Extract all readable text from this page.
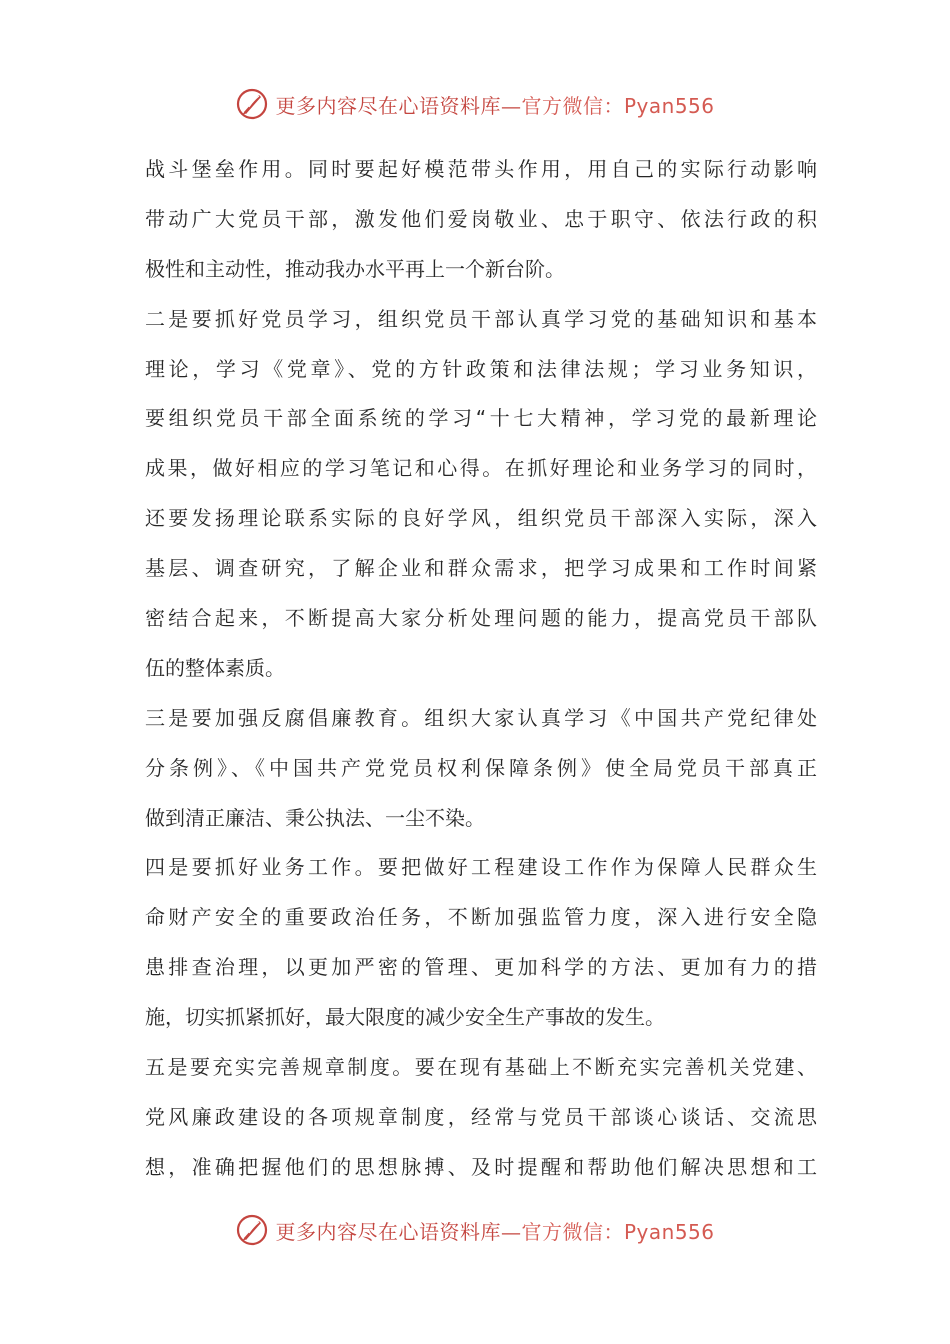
更多内容尽在心语资料库—官方微信：Pyan556
战斗堡垒作用。同时要起好模范带头作用，用自己的实际行动影响
带动广大党员干部，激发他们爱岗敬业、忠于职守、依法行政的积
极性和主动性，推动我办水平再上一个新台阶。
二是要抓好党员学习，组织党员干部认真学习党的基础知识和基本
理论，学习《党章》、党的方针政策和法律法规；学习业务知识，
要组织党员干部全面系统的学习“十七大精神，学习党的最新理论
成果，做好相应的学习笔记和心得。在抓好理论和业务学习的同时，
还要发扬理论联系实际的良好学风，组织党员干部深入实际，深入
基层、调查研究，了解企业和群众需求，把学习成果和工作时间紧
密结合起来，不断提高大家分析处理问题的能力，提高党员干部队
伍的整体素质。
三是要加强反腐倡廉教育。组织大家认真学习《中国共产党纪律处
分条例》、《中国共产党党员权利保障条例》使全局党员干部真正
做到清正廉洁、秉公执法、一尘不染。
四是要抓好业务工作。要把做好工程建设工作作为保障人民群众生
命财产安全的重要政治任务，不断加强监管力度，深入进行安全隐
患排查治理，以更加严密的管理、更加科学的方法、更加有力的措
施，切实抓紧抓好，最大限度的减少安全生产事故的发生。
五是要充实完善规章制度。要在现有基础上不断充实完善机关党建、
党风廉政建设的各项规章制度，经常与党员干部谈心谈话、交流思
想，准确把握他们的思想脉搏、及时提醒和帮助他们解决思想和工
更多内容尽在心语资料库—官方微信：Pyan556
